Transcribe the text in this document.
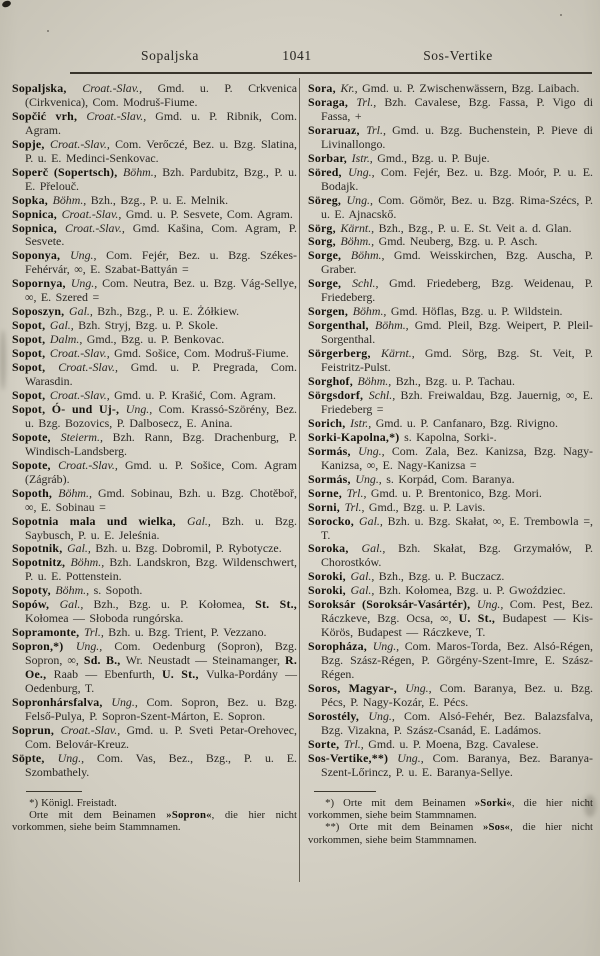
Sopaljska	1041	Sos-Vertike

Sopaljska, Croat.-Slav., Gmd. u. P. Crkvenica (Cirkvenica), Com. Modruš-Fiume.

Sopčić vrh, Croat.-Slav., Gmd. u. P. Ribnik, Com. Agram.

Sopje, Croat.-Slav., Com. Verőczé, Bez. u. Bzg. Slatina, P. u. E. Medinci-Senkovac.

Soperč (Sopertsch), Böhm., Bzh. Pardubitz, Bzg., P. u. E. Přelouč.

Sopka, Böhm., Bzh., Bzg., P. u. E. Melnik.

Sopnica, Croat.-Slav., Gmd. u. P. Sesvete, Com. Agram.

Sopnica, Croat.-Slav., Gmd. Kašina, Com. Agram, P. Sesvete.

Soponya, Ung., Com. Fejér, Bez. u. Bzg. Székes-Fehérvár, ∞, E. Szabat-Battyán =

Sopornya, Ung., Com. Neutra, Bez. u. Bzg. Vág-Sellye, ∞, E. Szered =

Soposzyn, Gal., Bzh., Bzg., P. u. E. Żółkiew.

Sopot, Gal., Bzh. Stryj, Bzg. u. P. Skole.

Sopot, Dalm., Gmd., Bzg. u. P. Benkovac.

Sopot, Croat.-Slav., Gmd. Sošice, Com. Modruš-Fiume.

Sopot, Croat.-Slav., Gmd. u. P. Pregrada, Com. Warasdin.

Sopot, Croat.-Slav., Gmd. u. P. Krašić, Com. Agram.

Sopot, Ó- und Uj-, Ung., Com. Krassó-Szörény, Bez. u. Bzg. Bozovics, P. Dalbosecz, E. Anina.

Sopote, Steierm., Bzh. Rann, Bzg. Drachenburg, P. Windisch-Landsberg.

Sopote, Croat.-Slav., Gmd. u. P. Sošice, Com. Agram (Zágráb).

Sopoth, Böhm., Gmd. Sobinau, Bzh. u. Bzg. Chotěboř, ∞, E. Sobinau =

Sopotnia mala und wielka, Gal., Bzh. u. Bzg. Saybusch, P. u. E. Jeleśnia.

Sopotnik, Gal., Bzh. u. Bzg. Dobromil, P. Rybotycze.

Sopotnitz, Böhm., Bzh. Landskron, Bzg. Wildenschwert, P. u. E. Pottenstein.

Sopoty, Böhm., s. Sopoth.

Sopów, Gal., Bzh., Bzg. u. P. Kołomea, St. St., Kołomea — Słoboda rungórska.

Sopramonte, Trl., Bzh. u. Bzg. Trient, P. Vezzano.

Sopron,*) Ung., Com. Oedenburg (Sopron), Bzg. Sopron, ∞, Sd. B., Wr. Neustadt — Steinamanger, R. Oe., Raab — Ebenfurth, U. St., Vulka-Pordány — Oedenburg, T.

Sopronhársfalva, Ung., Com. Sopron, Bez. u. Bzg. Felső-Pulya, P. Sopron-Szent-Márton, E. Sopron.

Soprun, Croat.-Slav., Gmd. u. P. Sveti Petar-Orehovec, Com. Belovár-Kreuz.

Söpte, Ung., Com. Vas, Bez., Bzg., P. u. E. Szombathely.

*) Königl. Freistadt.

Orte mit dem Beinamen »Sopron«, die hier nicht vorkommen, siehe beim Stammnamen.

Sora, Kr., Gmd. u. P. Zwischenwässern, Bzg. Laibach.

Soraga, Trl., Bzh. Cavalese, Bzg. Fassa, P. Vigo di Fassa, +

Soraruaz, Trl., Gmd. u. Bzg. Buchenstein, P. Pieve di Livinallongo.

Sorbar, Istr., Gmd., Bzg. u. P. Buje.

Söred, Ung., Com. Fejér, Bez. u. Bzg. Moór, P. u. E. Bodajk.

Söreg, Ung., Com. Gömör, Bez. u. Bzg. Rima-Szécs, P. u. E. Ajnacskő.

Sörg, Kärnt., Bzh., Bzg., P. u. E. St. Veit a. d. Glan.

Sorg, Böhm., Gmd. Neuberg, Bzg. u. P. Asch.

Sorge, Böhm., Gmd. Weisskirchen, Bzg. Auscha, P. Graber.

Sorge, Schl., Gmd. Friedeberg, Bzg. Weidenau, P. Friedeberg.

Sorgen, Böhm., Gmd. Höflas, Bzg. u. P. Wildstein.

Sorgenthal, Böhm., Gmd. Pleil, Bzg. Weipert, P. Pleil-Sorgenthal.

Sörgerberg, Kärnt., Gmd. Sörg, Bzg. St. Veit, P. Feistritz-Pulst.

Sorghof, Böhm., Bzh., Bzg. u. P. Tachau.

Sörgsdorf, Schl., Bzh. Freiwaldau, Bzg. Jauernig, ∞, E. Friedeberg =

Sorich, Istr., Gmd. u. P. Canfanaro, Bzg. Rivigno.

Sorki-Kapolna,*) s. Kapolna, Sorki-.

Sormás, Ung., Com. Zala, Bez. Kanizsa, Bzg. Nagy-Kanizsa, ∞, E. Nagy-Kanizsa =

Sormás, Ung., s. Korpád, Com. Baranya.

Sorne, Trl., Gmd. u. P. Brentonico, Bzg. Mori.

Sorni, Trl., Gmd., Bzg. u. P. Lavis.

Sorocko, Gal., Bzh. u. Bzg. Skałat, ∞, E. Trembowla =, T.

Soroka, Gal., Bzh. Skałat, Bzg. Grzymałów, P. Chorostków.

Soroki, Gal., Bzh., Bzg. u. P. Buczacz.

Soroki, Gal., Bzh. Kołomea, Bzg. u. P. Gwoździec.

Soroksár (Soroksár-Vasártér), Ung., Com. Pest, Bez. Ráczkeve, Bzg. Ocsa, ∞, U. St., Budapest — Kis-Körös, Budapest — Ráczkeve, T.

Soropháza, Ung., Com. Maros-Torda, Bez. Alsó-Régen, Bzg. Szász-Régen, P. Görgény-Szent-Imre, E. Szász-Régen.

Soros, Magyar-, Ung., Com. Baranya, Bez. u. Bzg. Pécs, P. Nagy-Kozár, E. Pécs.

Sorostély, Ung., Com. Alsó-Fehér, Bez. Balazsfalva, Bzg. Vizakna, P. Szász-Csanád, E. Ladámos.

Sorte, Trl., Gmd. u. P. Moena, Bzg. Cavalese.

Sos-Vertike,**) Ung., Com. Baranya, Bez. Baranya-Szent-Lőrincz, P. u. E. Baranya-Sellye.

*) Orte mit dem Beinamen »Sorki«, die hier nicht vorkommen, siehe beim Stammnamen.

**) Orte mit dem Beinamen »Sos«, die hier nicht vorkommen, siehe beim Stammnamen.
